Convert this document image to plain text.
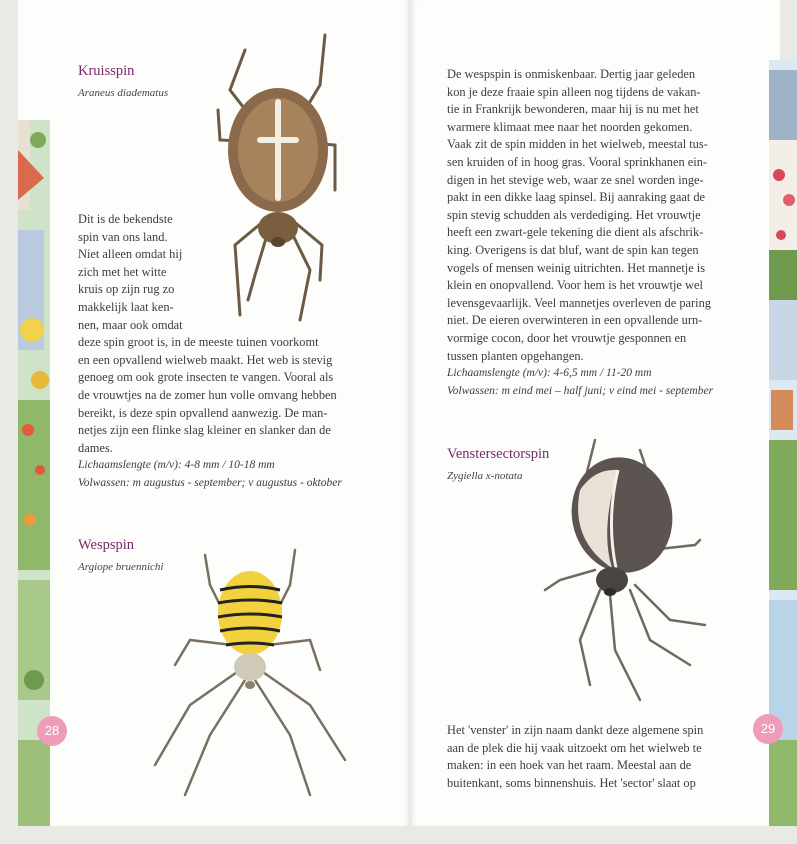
Kruisspin
Araneus diadematus
Dit is de bekendste
spin van ons land.
Niet alleen omdat hij
zich met het witte
kruis op zijn rug zo
makkelijk laat ken-
nen, maar ook omdat
deze spin groot is, in de meeste tuinen voorkomt
en een opvallend wielweb maakt. Het web is stevig
genoeg om ook grote insecten te vangen. Vooral als
de vrouwtjes na de zomer hun volle omvang hebben
bereikt, is deze spin opvallend aanwezig. De man-
netjes zijn een flinke slag kleiner en slanker dan de
dames.
Lichaamslengte (m/v): 4-8 mm / 10-18 mm
Volwassen: m augustus - september; v augustus - oktober
Wespspin
Argiope bruennichi
28
De wespspin is onmiskenbaar. Dertig jaar geleden
kon je deze fraaie spin alleen nog tijdens de vakan-
tie in Frankrijk bewonderen, maar hij is nu met het
warmere klimaat mee naar het noorden gekomen.
Vaak zit de spin midden in het wielweb, meestal tus-
sen kruiden of in hoog gras. Vooral sprinkhanen ein-
digen in het stevige web, waar ze snel worden inge-
pakt in een dikke laag spinsel. Bij aanraking gaat de
spin stevig schudden als verdediging. Het vrouwtje
heeft een zwart-gele tekening die dient als afschrik-
king. Overigens is dat bluf, want de spin kan tegen
vogels of mensen weinig uitrichten. Het mannetje is
klein en onopvallend. Voor hem is het vrouwtje wel
levensgevaarlijk. Veel mannetjes overleven de paring
niet. De eieren overwinteren in een opvallende urn-
vormige cocon, door het vrouwtje gesponnen en
tussen planten opgehangen.
Lichaamslengte (m/v): 4-6,5 mm / 11-20 mm
Volwassen: m eind mei – half juni; v eind mei - september
Venstersectorspin
Zygiella x-notata
Het 'venster' in zijn naam dankt deze algemene spin
aan de plek die hij vaak uitzoekt om het wielweb te
maken: in een hoek van het raam. Meestal aan de
buitenkant, soms binnenshuis. Het 'sector' slaat op
29
